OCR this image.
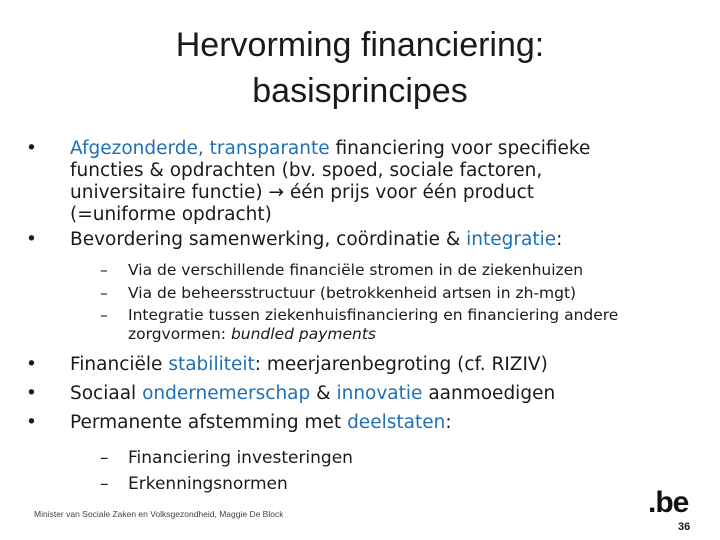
Hervorming financiering:
basisprincipes

• Afgezonderde, transparante financiering voor specifieke
functies & opdrachten (bv. spoed, sociale factoren,
universitaire functie) → één prijs voor één product
(=uniforme opdracht)

• Bevordering samenwerking, coördinatie & integratie:

– Via de verschillende financiële stromen in de ziekenhuizen

– Via de beheersstructuur (betrokkenheid artsen in zh-mgt)

– Integratie tussen ziekenhuisfinanciering en financiering andere
zorgvormen: bundled payments

• Financiële stabiliteit: meerjarenbegroting (cf. RIZIV)

• Sociaal ondernemerschap & innovatie aanmoedigen

• Permanente afstemming met deelstaten:

– Financiering investeringen

– Erkenningsnormen

Minister van Sociale Zaken en Volksgezondheid, Maggie De Block	.be
36
